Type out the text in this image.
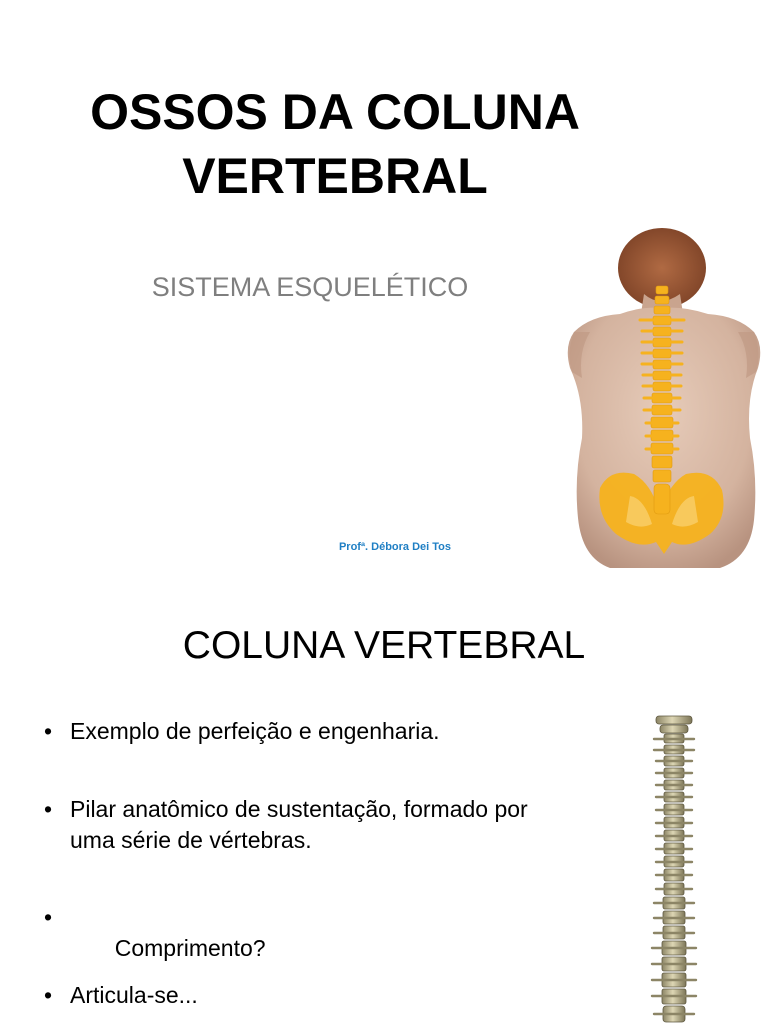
OSSOS DA COLUNA
VERTEBRAL

SISTEMA ESQUELÉTICO

Profª. Débora Dei Tos
COLUNA VERTEBRAL
• Exemplo de perfeição e engenharia.
• Pilar anatômico de sustentação, formado por
uma série de vértebras.

•  Comprimento?

• Articula-se...
